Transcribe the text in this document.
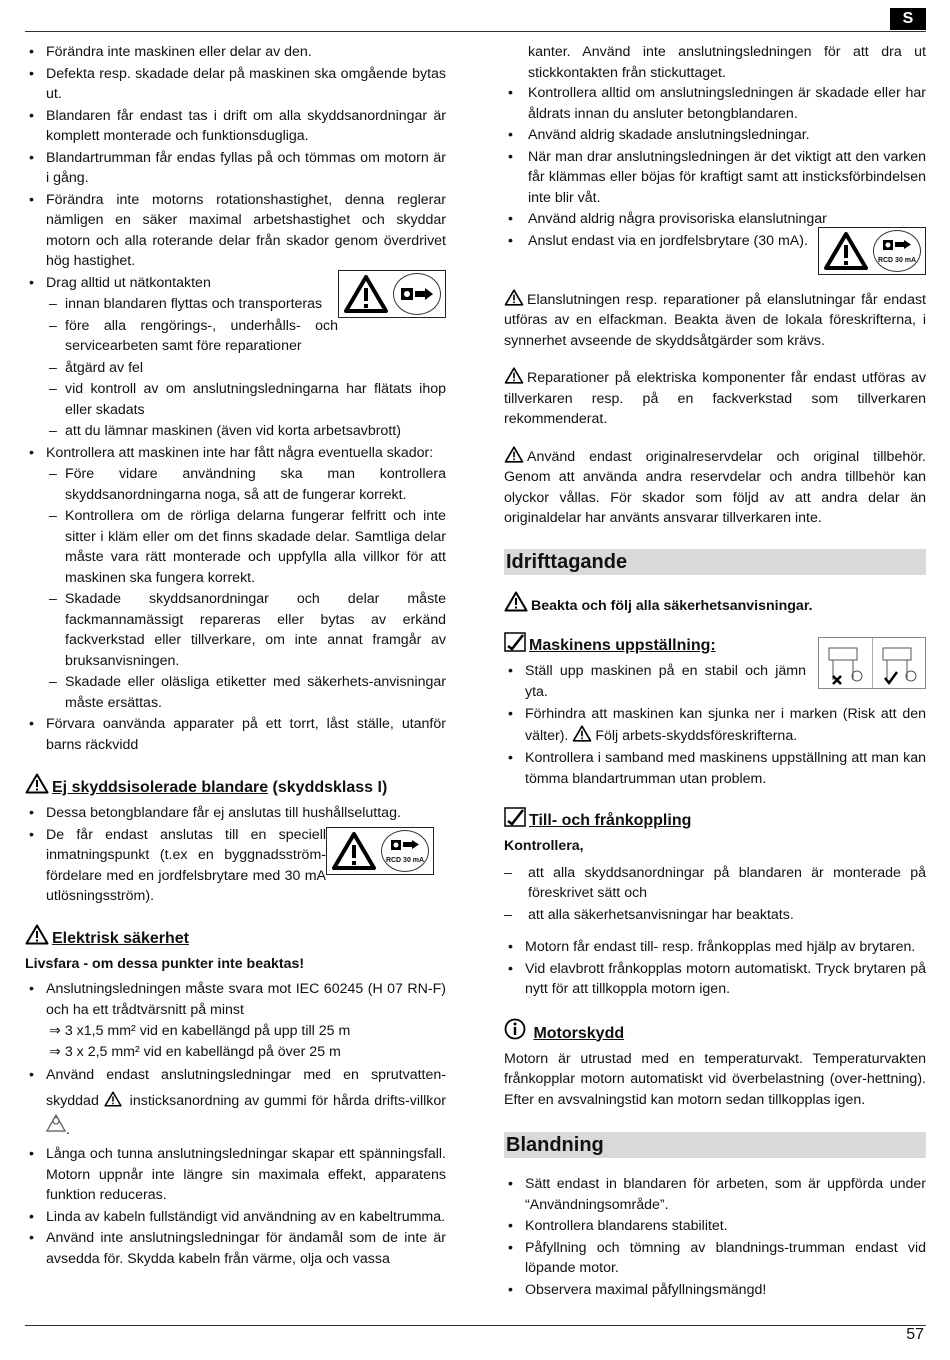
S
• Förändra inte maskinen eller delar av den.
• Defekta resp. skadade delar på maskinen ska omgående bytas ut.
• Blandaren får endast tas i drift om alla skyddsanordningar är komplett monterade och funktionsdugliga.
• Blandartrumman får endas fyllas på och tömmas om motorn är i gång.
• Förändra inte motorns rotationshastighet, denna reglerar nämligen en säker maximal arbetshastighet och skyddar motorn och alla roterande delar från skador genom överdrivet hög hastighet.
• Drag alltid ut nätkontakten
– innan blandaren flyttas och transporteras
– före alla rengörings-, underhålls- och servicearbeten samt före reparationer
– åtgärd av fel
– vid kontroll av om anslutningsledningarna har flätats ihop eller skadats
– att du lämnar maskinen (även vid korta arbetsavbrott)
• Kontrollera att maskinen inte har fått några eventuella skador:
– Före vidare användning ska man kontrollera skyddsanordningarna noga, så att de fungerar korrekt.
– Kontrollera om de rörliga delarna fungerar felfritt och inte sitter i kläm eller om det finns skadade delar. Samtliga delar måste vara rätt monterade och uppfylla alla villkor för att maskinen ska fungera korrekt.
– Skadade skyddsanordningar och delar måste fackmannamässigt repareras eller bytas av erkänd fackverkstad eller tillverkare, om inte annat framgår av bruksanvisningen.
– Skadade eller oläsliga etiketter med säkerhets-anvisningar måste ersättas.
• Förvara oanvända apparater på ett torrt, låst ställe, utanför barns räckvidd
Ej skyddsisolerade blandare (skyddsklass I)
• Dessa betongblandare får ej anslutas till hushållseluttag.
• RCD 30 mA
De får endast anslutas till en speciell inmatningspunkt (t.ex en byggnadsström-fördelare med en jordfelsbrytare med 30 mA utlösningsström).
Elektrisk säkerhet
Livsfara - om dessa punkter inte beaktas!
• Anslutningsledningen måste svara mot IEC 60245 (H 07 RN-F) och ha ett trådtvärsnitt på minst
⇒ 3 x1,5 mm² vid en kabellängd på upp till 25 m
⇒ 3 x 2,5 mm² vid en kabellängd på över 25 m
• Använd endast anslutningsledningar med en sprutvatten-skyddad  insticksanordning av gummi för hårda drifts-villkor .
• Långa och tunna anslutningsledningar skapar ett spänningsfall. Motorn uppnår inte längre sin maximala effekt, apparatens funktion reduceras.
• Linda av kabeln fullständigt vid användning av en kabeltrumma.
• Använd inte anslutningsledningar för ändamål som de inte är avsedda för. Skydda kabeln från värme, olja och vassa
kanter. Använd inte anslutningsledningen för att dra ut stickkontakten från stickuttaget.
• Kontrollera alltid om anslutningsledningen är skadade eller har åldrats innan du ansluter betongblandaren.
• Använd aldrig skadade anslutningsledningar.
• När man drar anslutningsledningen är det viktigt att den varken får klämmas eller böjas för kraftigt samt att insticksförbindelsen inte blir våt.
• Använd aldrig några provisoriska elanslutningar
• RCD 30 mA
Anslut endast via en jordfelsbrytare (30 mA).

Elanslutningen resp. reparationer på elanslutningar får endast utföras av en elfackman. Beakta även de lokala föreskrifterna, i synnerhet avseende de skyddsåtgärder som krävs.

Reparationer på elektriska komponenter får endast utföras av tillverkaren resp. på en fackverkstad som tillverkaren rekommenderat.

Använd endast originalreservdelar och original tillbehör. Genom att använda andra reservdelar och andra tillbehör kan olyckor vållas. För skador som följd av att andra delar än originaldelar har använts ansvarar tillverkaren inte.

Idrifttagande
Beakta och följ alla säkerhetsanvisningar.
Maskinens uppställning:
• Ställ upp maskinen på en stabil och jämn yta.
• Förhindra att maskinen kan sjunka ner i marken (Risk att den välter). Följ arbets-skyddsföreskrifterna.
• Kontrollera i samband med maskinens uppställning att man kan tömma blandartrumman utan problem.
Till- och frånkoppling
Kontrollera,
– att alla skyddsanordningar på blandaren är monterade på föreskrivet sätt och
– att alla säkerhetsanvisningar har beaktats.
• Motorn får endast till- resp. frånkopplas med hjälp av brytaren.
• Vid elavbrott frånkopplas motorn automatiskt. Tryck brytaren på nytt för att tillkoppla motorn igen.
Motorskydd

Motorn är utrustad med en temperaturvakt. Temperaturvakten frånkopplar motorn automatiskt vid överbelastning (over-hettning). Efter en avsvalningstid kan motorn sedan tillkopplas igen.

Blandning
• Sätt endast in blandaren för arbeten, som är uppförda under “Användningsområde”.
• Kontrollera blandarens stabilitet.
• Påfyllning och tömning av blandnings-trumman endast vid löpande motor.
• Observera maximal påfyllningsmängd!
57
